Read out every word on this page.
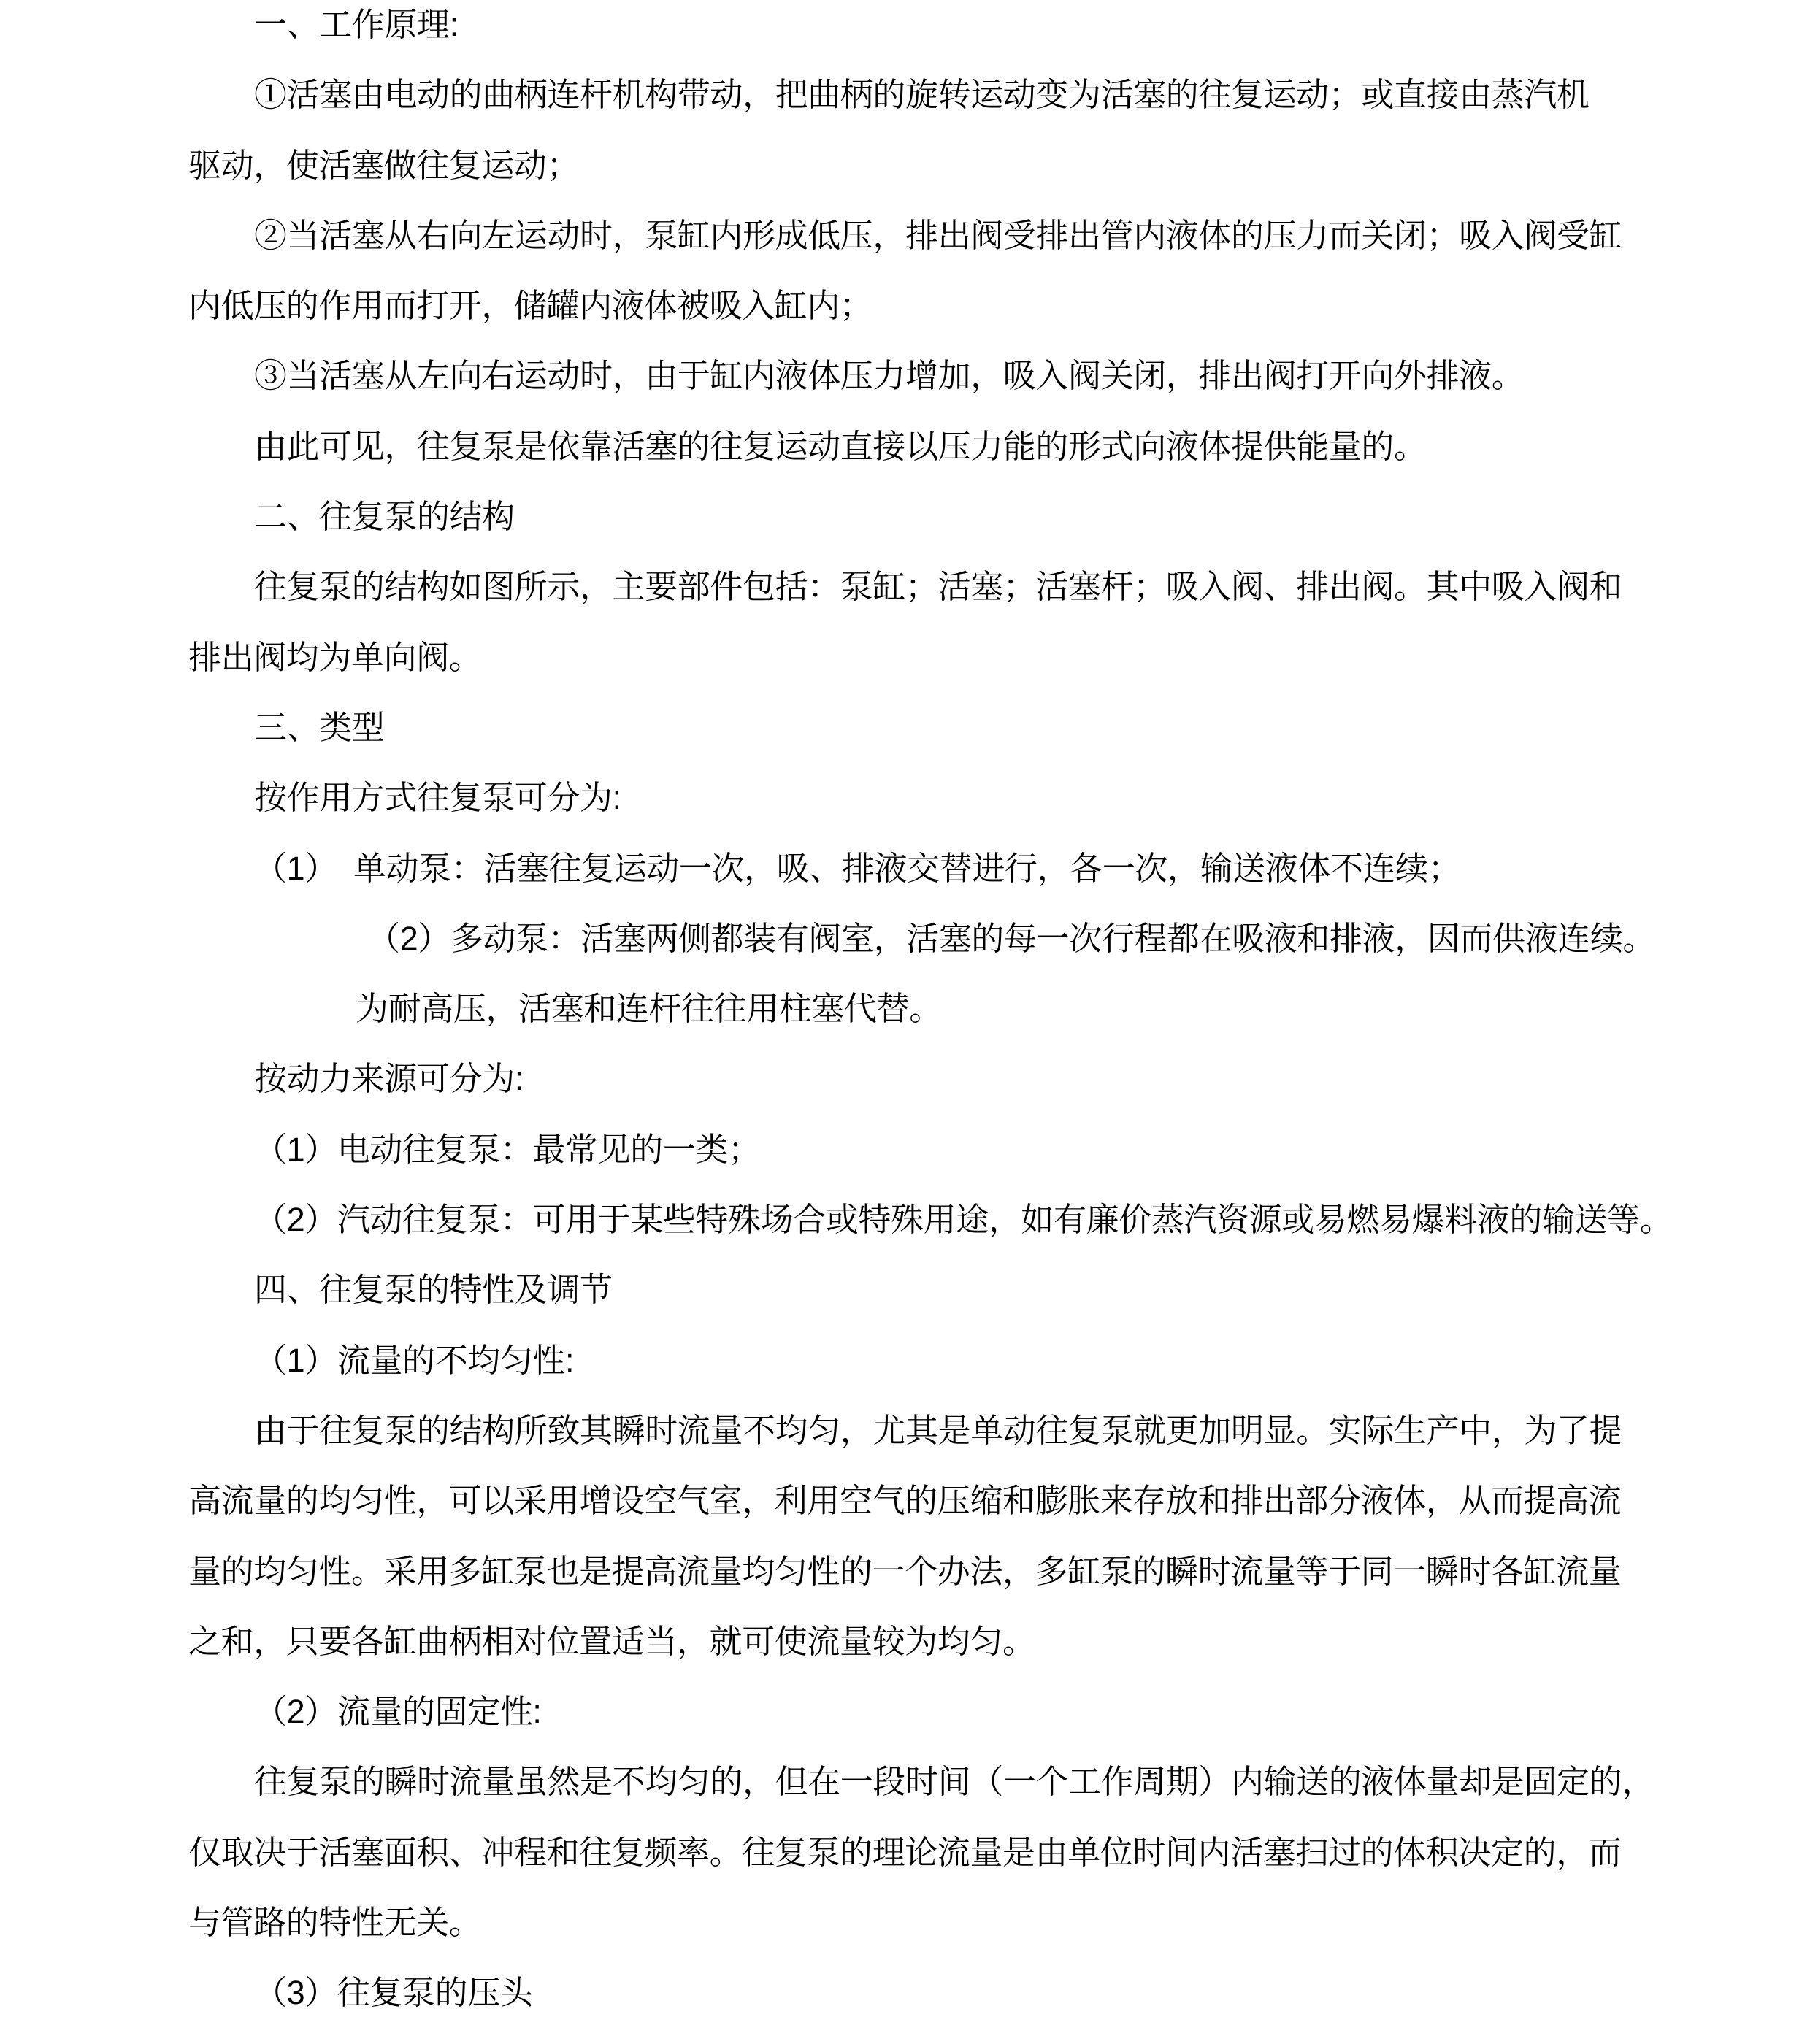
一、工作原理:
①活塞由电动的曲柄连杆机构带动，把曲柄的旋转运动变为活塞的往复运动；或直接由蒸汽机
驱动，使活塞做往复运动；
②当活塞从右向左运动时，泵缸内形成低压，排出阀受排出管内液体的压力而关闭；吸入阀受缸
内低压的作用而打开，储罐内液体被吸入缸内；
③当活塞从左向右运动时，由于缸内液体压力增加，吸入阀关闭，排出阀打开向外排液。
由此可见，往复泵是依靠活塞的往复运动直接以压力能的形式向液体提供能量的。
二、往复泵的结构
往复泵的结构如图所示，主要部件包括：泵缸；活塞；活塞杆；吸入阀、排出阀。其中吸入阀和
排出阀均为单向阀。
三、类型
按作用方式往复泵可分为:
（1）　单动泵：活塞往复运动一次，吸、排液交替进行，各一次，输送液体不连续；
（2）多动泵：活塞两侧都装有阀室，活塞的每一次行程都在吸液和排液，因而供液连续。
为耐高压，活塞和连杆往往用柱塞代替。
按动力来源可分为:
（1）电动往复泵：最常见的一类；
（2）汽动往复泵：可用于某些特殊场合或特殊用途，如有廉价蒸汽资源或易燃易爆料液的输送等。
四、往复泵的特性及调节
（1）流量的不均匀性:
由于往复泵的结构所致其瞬时流量不均匀，尤其是单动往复泵就更加明显。实际生产中，为了提
高流量的均匀性，可以采用增设空气室，利用空气的压缩和膨胀来存放和排出部分液体，从而提高流
量的均匀性。采用多缸泵也是提高流量均匀性的一个办法，多缸泵的瞬时流量等于同一瞬时各缸流量
之和，只要各缸曲柄相对位置适当，就可使流量较为均匀。
（2）流量的固定性:
往复泵的瞬时流量虽然是不均匀的，但在一段时间（一个工作周期）内输送的液体量却是固定的，
仅取决于活塞面积、冲程和往复频率。往复泵的理论流量是由单位时间内活塞扫过的体积决定的，而
与管路的特性无关。
（3）往复泵的压头
